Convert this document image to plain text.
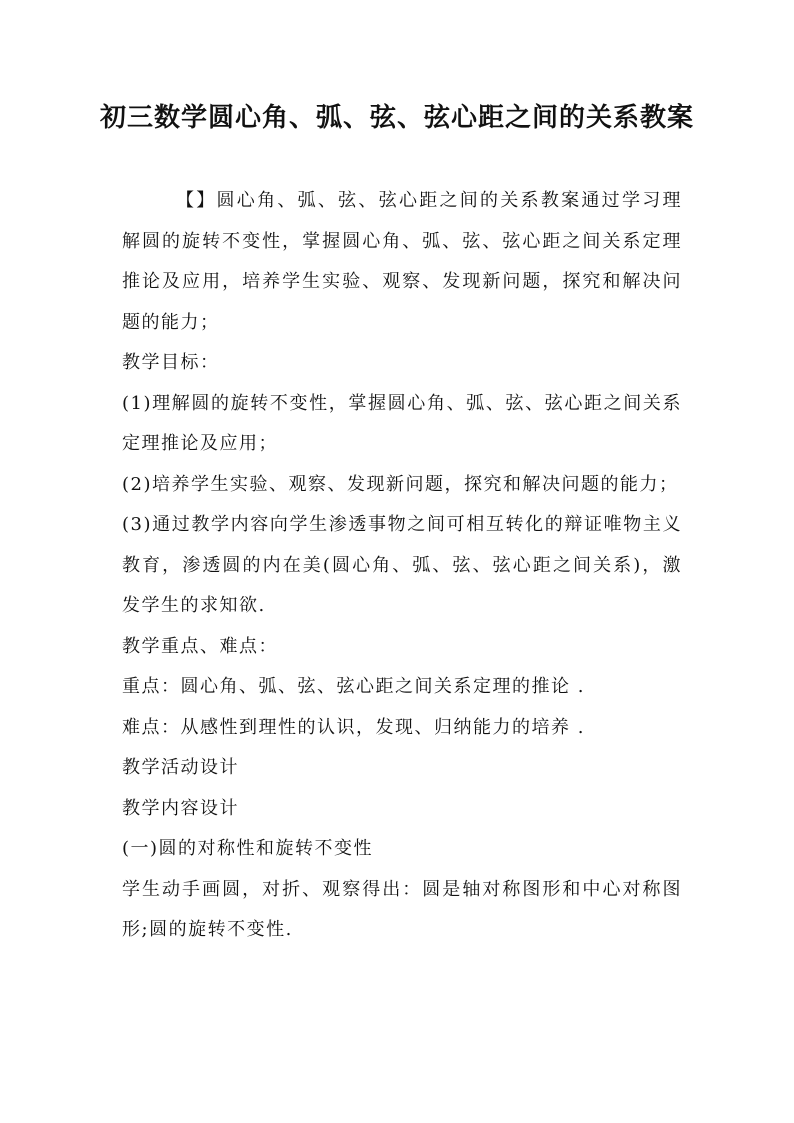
初三数学圆心角、弧、弦、弦心距之间的关系教案

【】圆心角、弧、弦、弦心距之间的关系教案通过学习理解圆的旋转不变性，掌握圆心角、弧、弦、弦心距之间关系定理推论及应用，培养学生实验、观察、发现新问题，探究和解决问题的能力；

教学目标：

(1)理解圆的旋转不变性，掌握圆心角、弧、弦、弦心距之间关系定理推论及应用；

(2)培养学生实验、观察、发现新问题，探究和解决问题的能力；

(3)通过教学内容向学生渗透事物之间可相互转化的辩证唯物主义教育，渗透圆的内在美(圆心角、弧、弦、弦心距之间关系)，激发学生的求知欲.

教学重点、难点：

重点：圆心角、弧、弦、弦心距之间关系定理的推论 .

难点：从感性到理性的认识，发现、归纳能力的培养 .

教学活动设计

教学内容设计

(一)圆的对称性和旋转不变性

学生动手画圆，对折、观察得出：圆是轴对称图形和中心对称图形;圆的旋转不变性.
